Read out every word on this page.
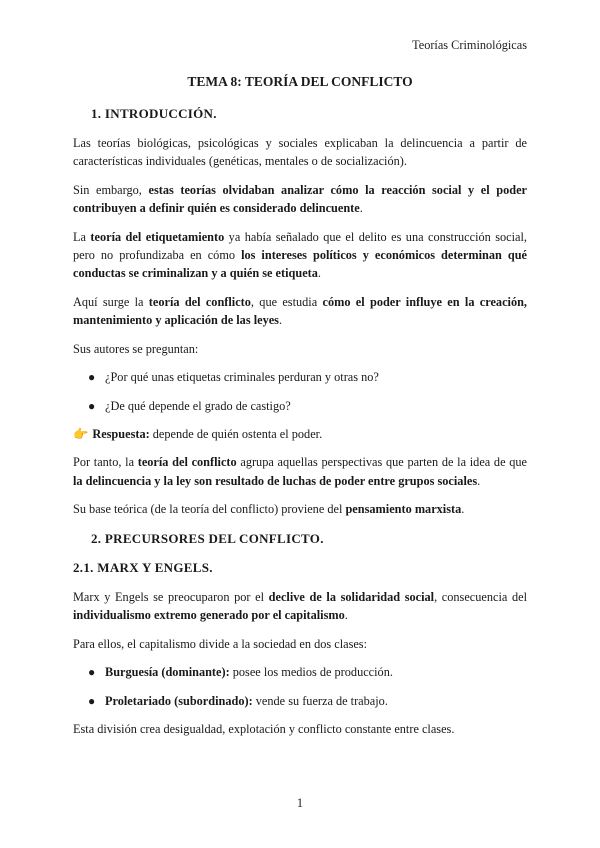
Teorías Criminológicas
TEMA 8: TEORÍA DEL CONFLICTO
1. INTRODUCCIÓN.

Las teorías biológicas, psicológicas y sociales explicaban la delincuencia a partir de características individuales (genéticas, mentales o de socialización).

Sin embargo, estas teorías olvidaban analizar cómo la reacción social y el poder contribuyen a definir quién es considerado delincuente.

La teoría del etiquetamiento ya había señalado que el delito es una construcción social, pero no profundizaba en cómo los intereses políticos y económicos determinan qué conductas se criminalizan y a quién se etiqueta.

Aquí surge la teoría del conflicto, que estudia cómo el poder influye en la creación, mantenimiento y aplicación de las leyes.

Sus autores se preguntan:

● ¿Por qué unas etiquetas criminales perduran y otras no?
● ¿De qué depende el grado de castigo?

👉 Respuesta: depende de quién ostenta el poder.

Por tanto, la teoría del conflicto agrupa aquellas perspectivas que parten de la idea de que la delincuencia y la ley son resultado de luchas de poder entre grupos sociales.

Su base teórica (de la teoría del conflicto) proviene del pensamiento marxista.

2. PRECURSORES DEL CONFLICTO.
2.1. MARX Y ENGELS.

Marx y Engels se preocuparon por el declive de la solidaridad social, consecuencia del individualismo extremo generado por el capitalismo.

Para ellos, el capitalismo divide a la sociedad en dos clases:

● Burguesía (dominante): posee los medios de producción.
● Proletariado (subordinado): vende su fuerza de trabajo.

Esta división crea desigualdad, explotación y conflicto constante entre clases.

1
